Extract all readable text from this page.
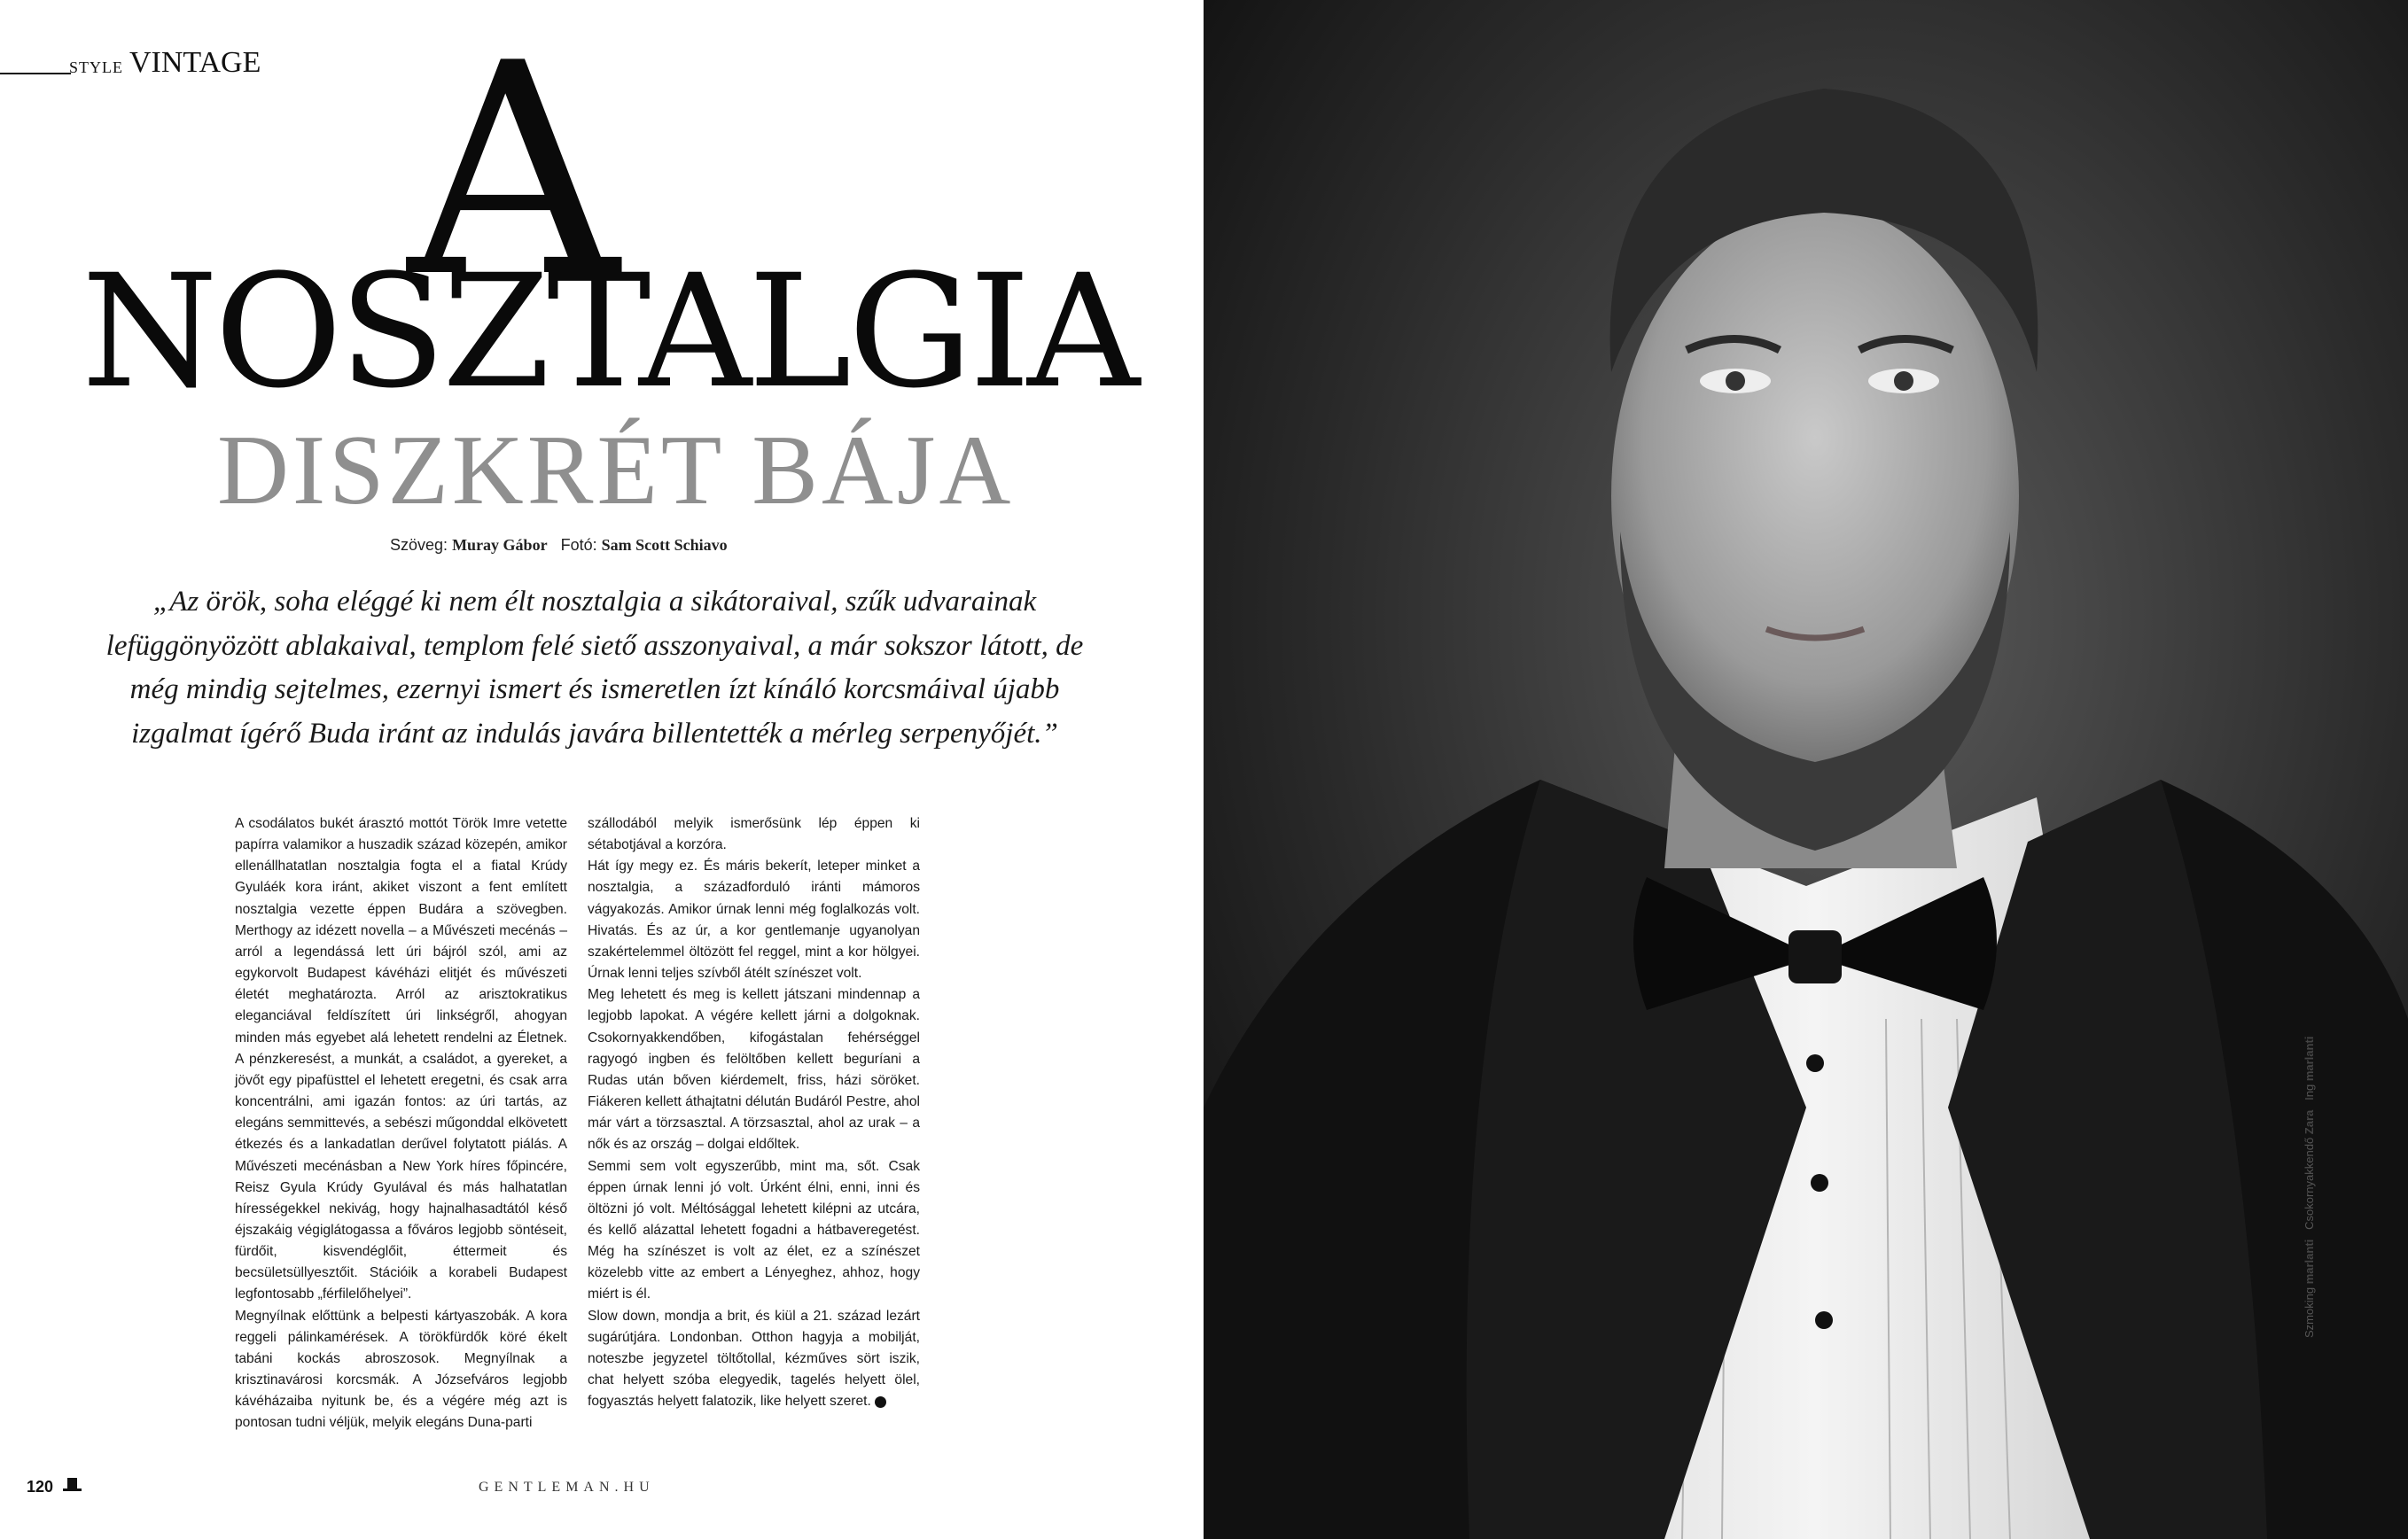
STYLE VINTAGE A
NOSZTALGIA
DISZKRÉT BÁJA
Szöveg: Muray Gábor Fotó: Sam Scott Schiavo
„Az örök, soha eléggé ki nem élt nosztalgia a sikátoraival, szűk udvarainak lefüggönyözött ablakaival, templom felé siető asszonyaival, a már sokszor látott, de még mindig sejtelmes, ezernyi ismert és ismeretlen ízt kínáló korcsmáival újabb izgalmat ígérő Buda iránt az indulás javára billentették a mérleg serpenyőjét.”

A csodálatos bukét árasztó mottót Török Imre vetette papírra valamikor a huszadik század közepén, amikor ellenállhatatlan nosztalgia fogta el a fiatal Krúdy Gyuláék kora iránt, akiket viszont a fent említett nosztalgia vezette éppen Budára a szövegben. Merthogy az idézett novella – a Művészeti mecénás – arról a legendássá lett úri bájról szól, ami az egykorvolt Budapest kávéházi elitjét és művészeti életét meghatározta. Arról az arisztokratikus eleganciával feldíszített úri linkségről, ahogyan minden más egyebet alá lehetett rendelni az Életnek. A pénzkeresést, a munkát, a családot, a gyereket, a jövőt egy pipafüsttel el lehetett eregetni, és csak arra koncentrálni, ami igazán fontos: az úri tartás, az elegáns semmittevés, a sebészi műgonddal elkövetett étkezés és a lankadatlan derűvel folytatott piálás. A Művészeti mecénásban a New York híres főpincére, Reisz Gyula Krúdy Gyulával és más halhatatlan hírességekkel nekivág, hogy hajnalhasadtától késő éjszakáig végiglátogassa a főváros legjobb söntéseit, fürdőit, kisvendéglőit, éttermeit és becsületsüllyesztőit. Stációik a korabeli Budapest legfontosabb „férfilelőhelyei”.

Megnyílnak előttünk a belpesti kártyaszobák. A kora reggeli pálinkamérések. A törökfürdők köré ékelt tabáni kockás abroszosok. Megnyílnak a krisztinavárosi korcsmák. A Józsefváros legjobb kávéházaiba nyitunk be, és a végére még azt is pontosan tudni véljük, melyik elegáns Duna-parti

szállodából melyik ismerősünk lép éppen ki sétabotjával a korzóra.

Hát így megy ez. És máris bekerít, leteper minket a nosztalgia, a századforduló iránti mámoros vágyakozás. Amikor úrnak lenni még foglalkozás volt. Hivatás. És az úr, a kor gentlemanje ugyanolyan szakértelemmel öltözött fel reggel, mint a kor hölgyei. Úrnak lenni teljes szívből átélt színészet volt.

Meg lehetett és meg is kellett játszani mindennap a legjobb lapokat. A végére kellett járni a dolgoknak. Csokornyakkendőben, kifogástalan fehérséggel ragyogó ingben és felöltőben kellett beguríani a Rudas után bőven kiérdemelt, friss, házi söröket. Fiákeren kellett áthajtatni délután Budáról Pestre, ahol már várt a törzsasztal. A törzsasztal, ahol az urak – a nők és az ország – dolgai eldőltek.

Semmi sem volt egyszerűbb, mint ma, sőt. Csak éppen úrnak lenni jó volt. Úrként élni, enni, inni és öltözni jó volt. Méltósággal lehetett kilépni az utcára, és kellő alázattal lehetett fogadni a hátbaveregetést. Még ha színészet is volt az élet, ez a színészet közelebb vitte az embert a Lényeghez, ahhoz, hogy miért is él.

Slow down, mondja a brit, és kiül a 21. század lezárt sugárútjára. Londonban. Otthon hagyja a mobilját, noteszbe jegyzetel töltőtollal, kézműves sört iszik, chat helyett szóba elegyedik, tagelés helyett ölel, fogyasztás helyett falatozik, like helyett szeret.

120	GENTLEMAN.HU
Szmoking marlanti   Csokornyakkendő Zara   Ing marlanti
